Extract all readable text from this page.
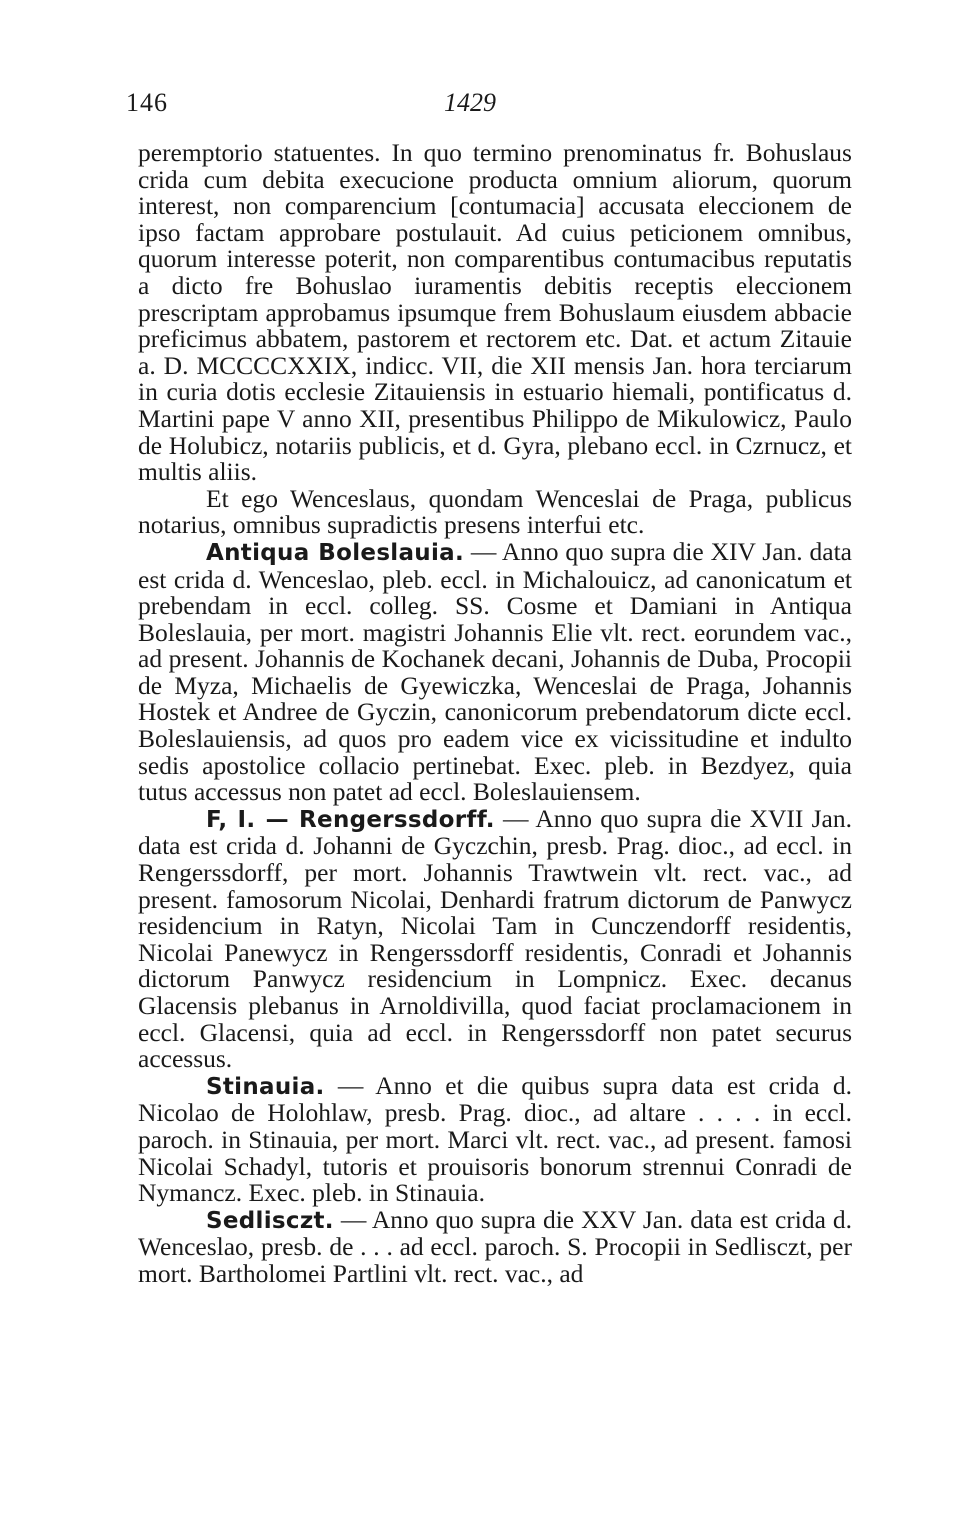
146	1429

peremptorio statuentes. In quo termino prenominatus fr. Bohuslaus crida cum debita execucione producta omnium aliorum, quorum interest, non comparencium [contumacia] accusata eleccionem de ipso factam approbare postulauit. Ad cuius peticionem omnibus, quorum interesse poterit, non comparentibus contumacibus reputatis a dicto fre Bohuslao iuramentis debitis receptis eleccionem prescriptam approbamus ipsumque frem Bohuslaum eiusdem abbacie preficimus abbatem, pastorem et rectorem etc. Dat. et actum Zitauie a. D. MCCCCXXIX, indicc. VII, die XII mensis Jan. hora terciarum in curia dotis ecclesie Zitauiensis in estuario hiemali, pontificatus d. Martini pape V anno XII, presentibus Philippo de Mikulowicz, Paulo de Holubicz, notariis publicis, et d. Gyra, plebano eccl. in Czrnucz, et multis aliis.

Et ego Wenceslaus, quondam Wenceslai de Praga, publicus notarius, omnibus supradictis presens interfui etc.

Antiqua Boleslauia. — Anno quo supra die XIV Jan. data est crida d. Wenceslao, pleb. eccl. in Michalouicz, ad canonicatum et prebendam in eccl. colleg. SS. Cosme et Damiani in Antiqua Boleslauia, per mort. magistri Johannis Elie vlt. rect. eorundem vac., ad present. Johannis de Kochanek decani, Johannis de Duba, Procopii de Myza, Michaelis de Gyewiczka, Wenceslai de Praga, Johannis Hostek et Andree de Gyczin, canonicorum prebendatorum dicte eccl. Boleslauiensis, ad quos pro eadem vice ex vicissitudine et indulto sedis apostolice collacio pertinebat. Exec. pleb. in Bezdyez, quia tutus accessus non patet ad eccl. Boleslauiensem.

F, I. — Rengerssdorff. — Anno quo supra die XVII Jan. data est crida d. Johanni de Gyczchin, presb. Prag. dioc., ad eccl. in Rengerssdorff, per mort. Johannis Trawtwein vlt. rect. vac., ad present. famosorum Nicolai, Denhardi fratrum dictorum de Panwycz residencium in Ratyn, Nicolai Tam in Cunczendorff residentis, Nicolai Panewycz in Rengerssdorff residentis, Conradi et Johannis dictorum Panwycz residencium in Lompnicz. Exec. decanus Glacensis plebanus in Arnoldivilla, quod faciat proclamacionem in eccl. Glacensi, quia ad eccl. in Rengerssdorff non patet securus accessus.

Stinauia. — Anno et die quibus supra data est crida d. Nicolao de Holohlaw, presb. Prag. dioc., ad altare . . . . in eccl. paroch. in Stinauia, per mort. Marci vlt. rect. vac., ad present. famosi Nicolai Schadyl, tutoris et prouisoris bonorum strennui Conradi de Nymancz. Exec. pleb. in Stinauia.

Sedlisczt. — Anno quo supra die XXV Jan. data est crida d. Wenceslao, presb. de . . . ad eccl. paroch. S. Procopii in Sedlisczt, per mort. Bartholomei Partlini vlt. rect. vac., ad
